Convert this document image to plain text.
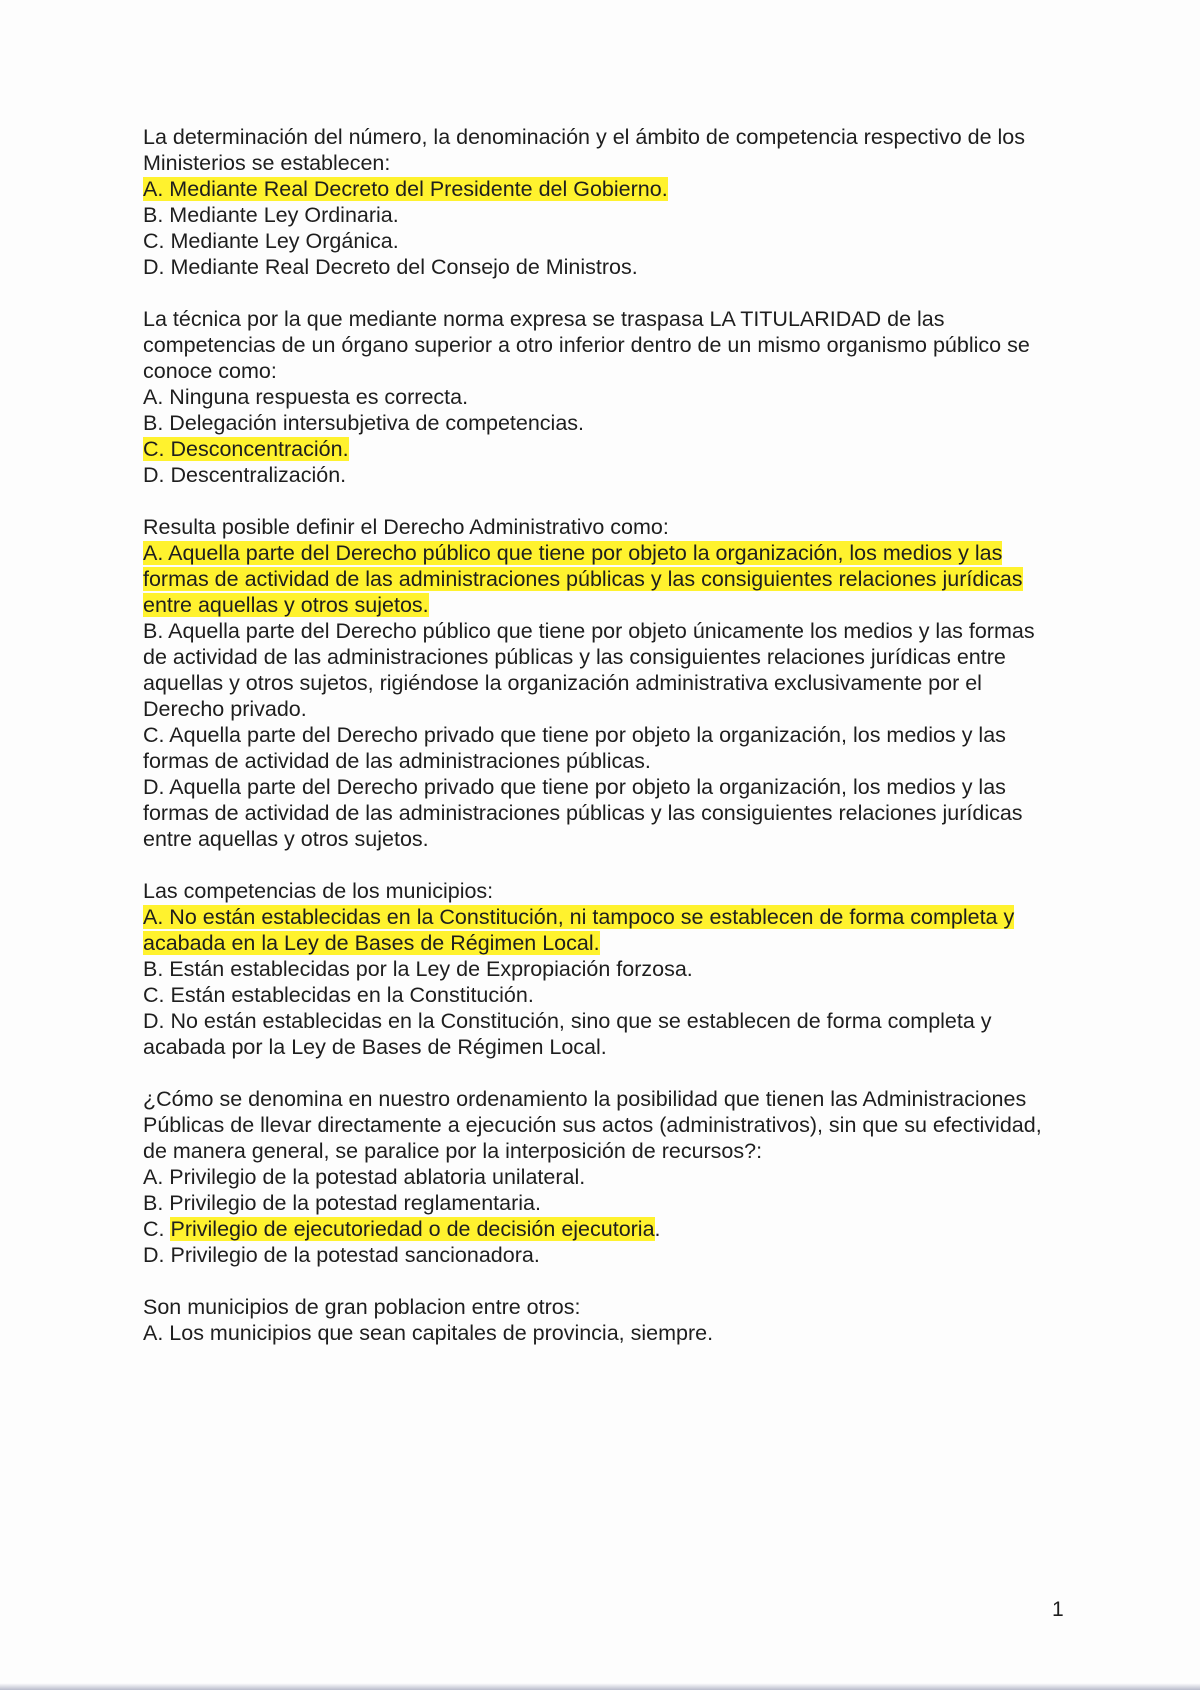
La determinación del número, la denominación y el ámbito de competencia respectivo de los Ministerios se establecen:
A. Mediante Real Decreto del Presidente del Gobierno.
B. Mediante Ley Ordinaria.
C. Mediante Ley Orgánica.
D. Mediante Real Decreto del Consejo de Ministros.
La técnica por la que mediante norma expresa se traspasa LA TITULARIDAD de las competencias de un órgano superior a otro inferior dentro de un mismo organismo público se conoce como:
A. Ninguna respuesta es correcta.
B. Delegación intersubjetiva de competencias.
C. Desconcentración.
D. Descentralización.
Resulta posible definir el Derecho Administrativo como:
A. Aquella parte del Derecho público que tiene por objeto la organización, los medios y las formas de actividad de las administraciones públicas y las consiguientes relaciones jurídicas entre aquellas y otros sujetos.
B. Aquella parte del Derecho público que tiene por objeto únicamente los medios y las formas de actividad de las administraciones públicas y las consiguientes relaciones jurídicas entre aquellas y otros sujetos, rigiéndose la organización administrativa exclusivamente por el Derecho privado.
C. Aquella parte del Derecho privado que tiene por objeto la organización, los medios y las formas de actividad de las administraciones públicas.
D. Aquella parte del Derecho privado que tiene por objeto la organización, los medios y las formas de actividad de las administraciones públicas y las consiguientes relaciones jurídicas entre aquellas y otros sujetos.
Las competencias de los municipios:
A. No están establecidas en la Constitución, ni tampoco se establecen de forma completa y acabada en la Ley de Bases de Régimen Local.
B. Están establecidas por la Ley de Expropiación forzosa.
C. Están establecidas en la Constitución.
D. No están establecidas en la Constitución, sino que se establecen de forma completa y acabada por la Ley de Bases de Régimen Local.
¿Cómo se denomina en nuestro ordenamiento la posibilidad que tienen las Administraciones Públicas de llevar directamente a ejecución sus actos (administrativos), sin que su efectividad, de manera general, se paralice por la interposición de recursos?:
A. Privilegio de la potestad ablatoria unilateral.
B. Privilegio de la potestad reglamentaria.
C. Privilegio de ejecutoriedad o de decisión ejecutoria.
D. Privilegio de la potestad sancionadora.
Son municipios de gran poblacion entre otros:
A. Los municipios que sean capitales de provincia, siempre.
1
